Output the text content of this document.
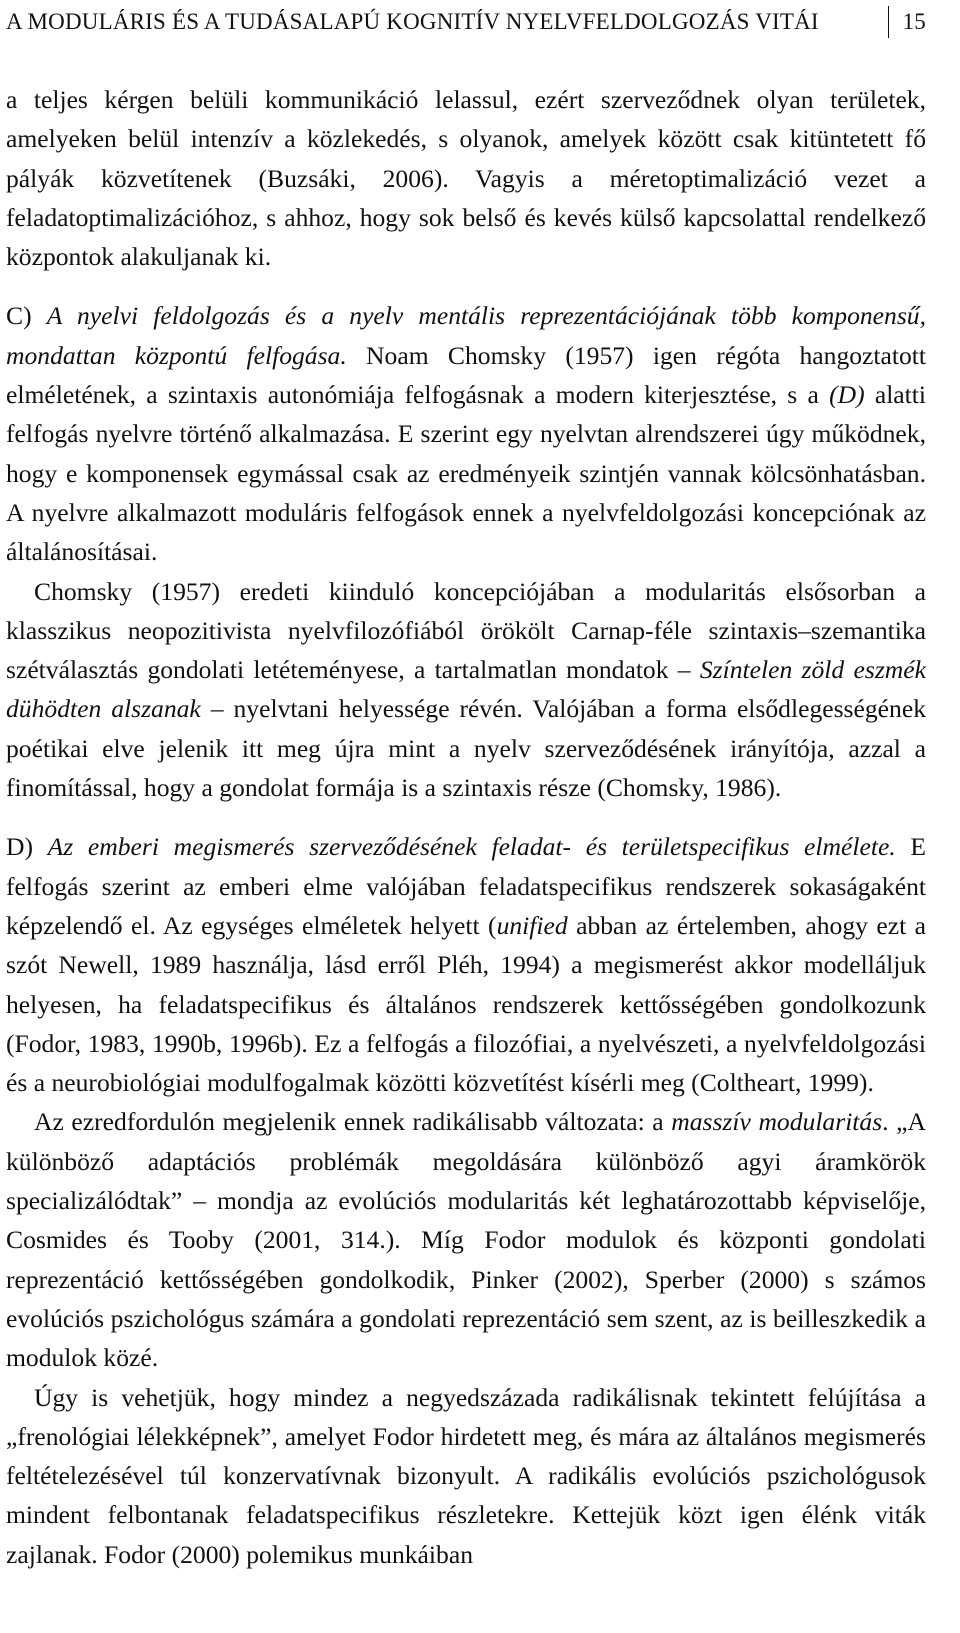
A MODULÁRIS ÉS A TUDÁSALAPÚ KOGNITÍV NYELVFELDOLGOZÁS VITÁI	15

a teljes kérgen belüli kommunikáció lelassul, ezért szerveződnek olyan területek, amelyeken belül intenzív a közlekedés, s olyanok, amelyek között csak kitüntetett fő pályák közvetítenek (Buzsáki, 2006). Vagyis a méretoptimalizáció vezet a feladatoptimalizációhoz, s ahhoz, hogy sok belső és kevés külső kapcsolattal rendelkező központok alakuljanak ki.

C) A nyelvi feldolgozás és a nyelv mentális reprezentációjának több komponensű, mondattan központú felfogása. Noam Chomsky (1957) igen régóta hangoztatott elméletének, a szintaxis autonómiája felfogásnak a modern kiterjesztése, s a (D) alatti felfogás nyelvre történő alkalmazása. E szerint egy nyelvtan alrendszerei úgy működnek, hogy e komponensek egymással csak az eredményeik szintjén vannak kölcsönhatásban. A nyelvre alkalmazott moduláris felfogások ennek a nyelvfeldolgozási koncepciónak az általánosításai.

Chomsky (1957) eredeti kiinduló koncepciójában a modularitás elsősorban a klasszikus neopozitivista nyelvfilozófiából örökölt Carnap-féle szintaxis–szemantika szétválasztás gondolati letéteményese, a tartalmatlan mondatok – Színtelen zöld eszmék dühödten alszanak – nyelvtani helyessége révén. Valójában a forma elsődlegességének poétikai elve jelenik itt meg újra mint a nyelv szerveződésének irányítója, azzal a finomítással, hogy a gondolat formája is a szintaxis része (Chomsky, 1986).

D) Az emberi megismerés szerveződésének feladat- és területspecifikus elmélete. E felfogás szerint az emberi elme valójában feladatspecifikus rendszerek sokaságaként képzelendő el. Az egységes elméletek helyett (unified abban az értelemben, ahogy ezt a szót Newell, 1989 használja, lásd erről Pléh, 1994) a megismerést akkor modelláljuk helyesen, ha feladatspecifikus és általános rendszerek kettősségében gondolkozunk (Fodor, 1983, 1990b, 1996b). Ez a felfogás a filozófiai, a nyelvészeti, a nyelvfeldolgozási és a neurobiológiai modulfogalmak közötti közvetítést kísérli meg (Coltheart, 1999).

Az ezredfordulón megjelenik ennek radikálisabb változata: a masszív modularitás. „A különböző adaptációs problémák megoldására különböző agyi áramkörök specializálódtak” – mondja az evolúciós modularitás két leghatározottabb képviselője, Cosmides és Tooby (2001, 314.). Míg Fodor modulok és központi gondolati reprezentáció kettősségében gondolkodik, Pinker (2002), Sperber (2000) s számos evolúciós pszichológus számára a gondolati reprezentáció sem szent, az is beilleszkedik a modulok közé.

Úgy is vehetjük, hogy mindez a negyedszázada radikálisnak tekintett felújítása a „frenológiai lélekképnek”, amelyet Fodor hirdetett meg, és mára az általános megismerés feltételezésével túl konzervatívnak bizonyult. A radikális evolúciós pszichológusok mindent felbontanak feladatspecifikus részletekre. Kettejük közt igen élénk viták zajlanak. Fodor (2000) polemikus munkáiban
